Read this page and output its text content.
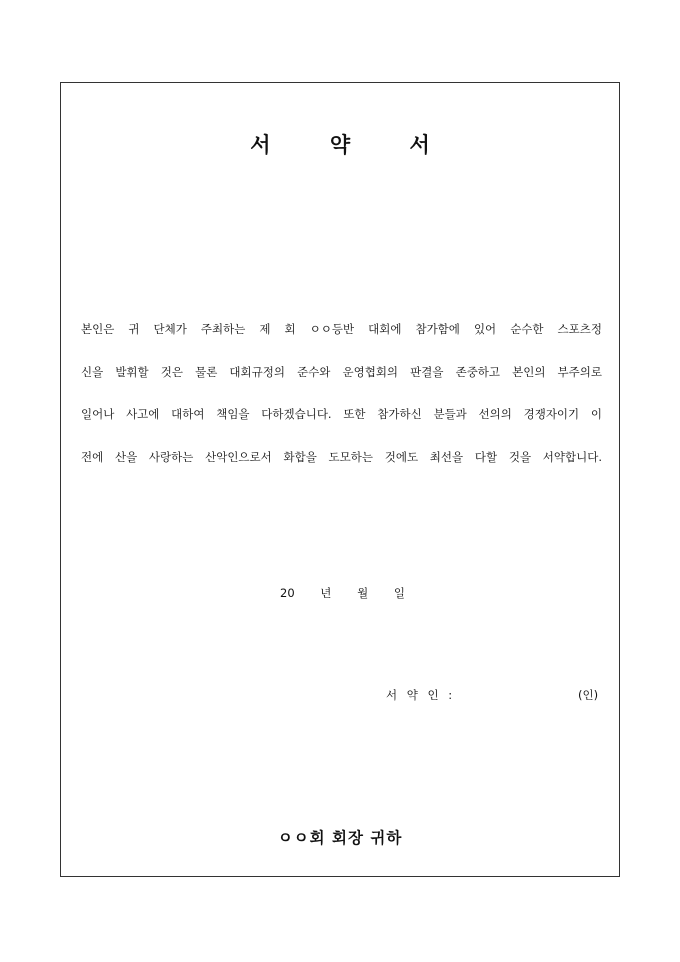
서 약 서
본인은 귀 단체가 주최하는 제 회 ㅇㅇ등반 대회에 참가함에 있어 순수한 스포츠정
신을 발휘할 것은 물론 대회규정의 준수와 운영협회의 판결을 존중하고 본인의 부주의로
일어나 사고에 대하여 책임을 다하겠습니다. 또한 참가하신 분들과 선의의 경쟁자이기 이
전에 산을 사랑하는 산악인으로서 화합을 도모하는 것에도 최선을 다할 것을 서약합니다.
20 년 월 일
서 약 인 :	(인)
ㅇㅇ회 회장 귀하
